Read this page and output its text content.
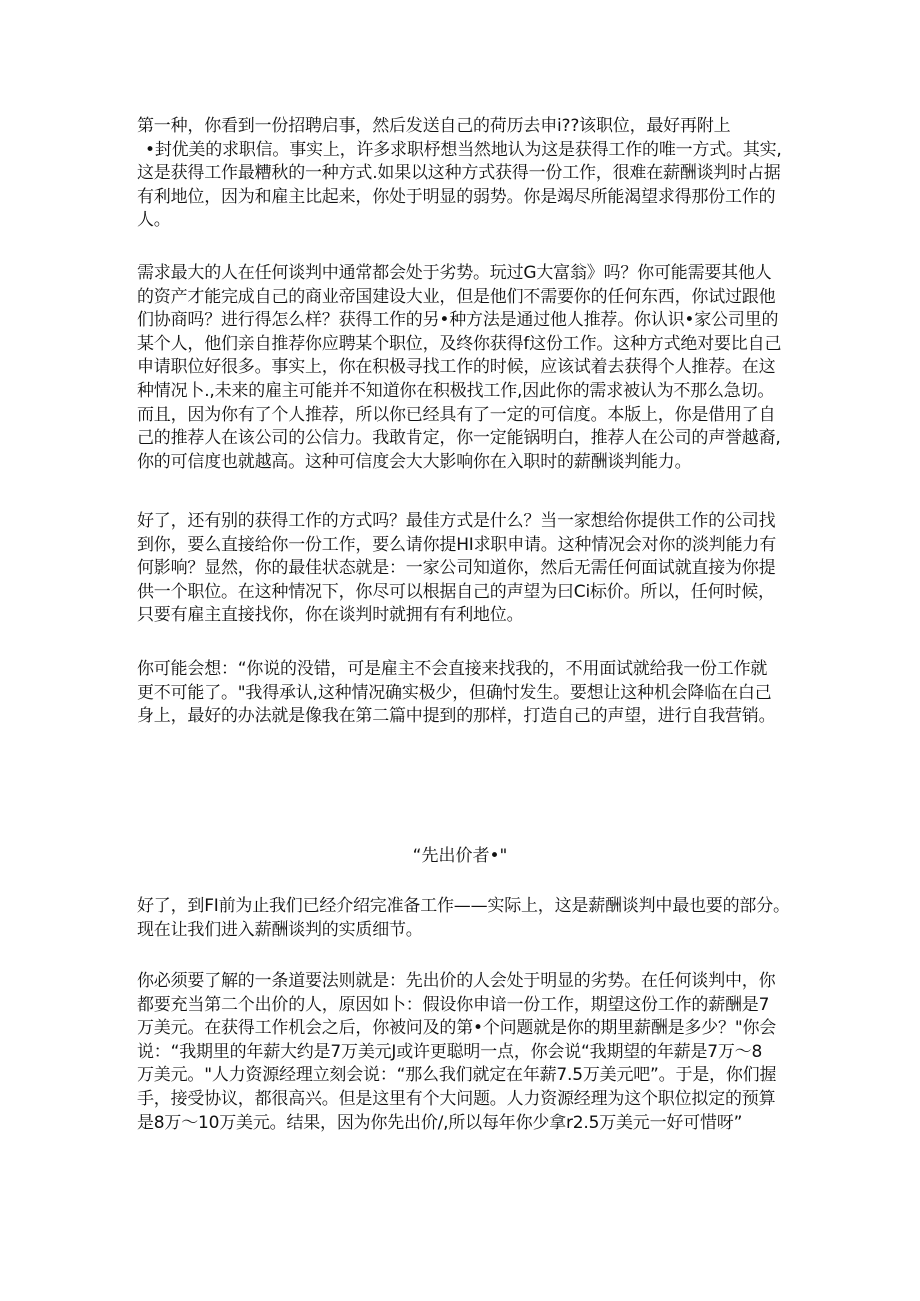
第一种，你看到一份招聘启事，然后发送自己的荷历去申i??该职位，最好再附上
•封优美的求职信。事实上，许多求职杼想当然地认为这是获得工作的唯一方式。其实,
这是获得工作最糟秋的一种方式.如果以这种方式获得一份工作，很难在薪酬谈判时占据
有利地位，因为和雇主比起来，你处于明显的弱势。你是竭尽所能渴望求得那份工作的
人。
需求最大的人在任何谈判中通常都会处于劣势。玩过G大富翁》吗？你可能需要其他人
的资产才能完成自己的商业帝国建设大业，但是他们不需要你的任何东西，你试过跟他
们协商吗？进行得怎么样？获得工作的另•种方法是通过他人推荐。你认识•家公司里的
某个人，他们亲自推荐你应聘某个职位，及终你获得f这份工作。这种方式绝对要比自己
申请职位好很多。事实上，你在积极寻找工作的时候，应该试着去获得个人推荐。在这
种情况卜.,未来的雇主可能并不知道你在积极找工作,因此你的需求被认为不那么急切。
而且，因为你有了个人推荐，所以你已经具有了一定的可信度。本版上，你是借用了自
己的推荐人在该公司的公信力。我敢肯定，你一定能锅明白，推荐人在公司的声誉越裔,
你的可信度也就越高。这种可信度会大大影响你在入职时的薪酬谈判能力。
好了，还有别的获得工作的方式吗？最佳方式是什么？当一家想给你提供工作的公司找
到你，要么直接给你一份工作，要么请你提HI求职申请。这种情况会对你的淡判能力有
何影响？显然，你的最佳状态就是：一家公司知道你，然后无需任何面试就直接为你提
供一个职位。在这种情况下，你尽可以根据自己的声望为曰Ci标价。所以，任何时候，
只要有雇主直接找你，你在谈判时就拥有有利地位。
你可能会想：“你说的没错，可是雇主不会直接来找我的，不用面试就给我一份工作就
更不可能了。"我得承认,这种情况确实极少，但确忖发生。要想让这种机会降临在白己
身上，最好的办法就是像我在第二篇中提到的那样，打造自己的声望，进行自我营销。
“先出价者•"
好了，到FI前为止我们已经介绍完准备工作——实际上，这是薪酬谈判中最也要的部分。
现在让我们进入薪酬谈判的实质细节。
你必须要了解的一条道要法则就是：先出价的人会处于明显的劣势。在任何谈判中，你
都要充当第二个出价的人，原因如卜：假设你申谙一份工作，期望这份工作的薪酬是7
万美元。在获得工作机会之后，你被问及的第•个问题就是你的期里薪酬是多少？"你会
说：“我期里的年薪大约是7万美元J或许更聪明一点，你会说“我期望的年薪是7万〜8
万美元。"人力资源经理立刻会说：“那么我们就定在年薪7.5万美元吧”。于是，你们握
手，接受协议，都很高兴。但是这里有个大问题。人力资源经理为这个职位拟定的预算
是8万〜10万美元。结果，因为你先出价/,所以每年你少拿r2.5万美元一好可惜呀”
